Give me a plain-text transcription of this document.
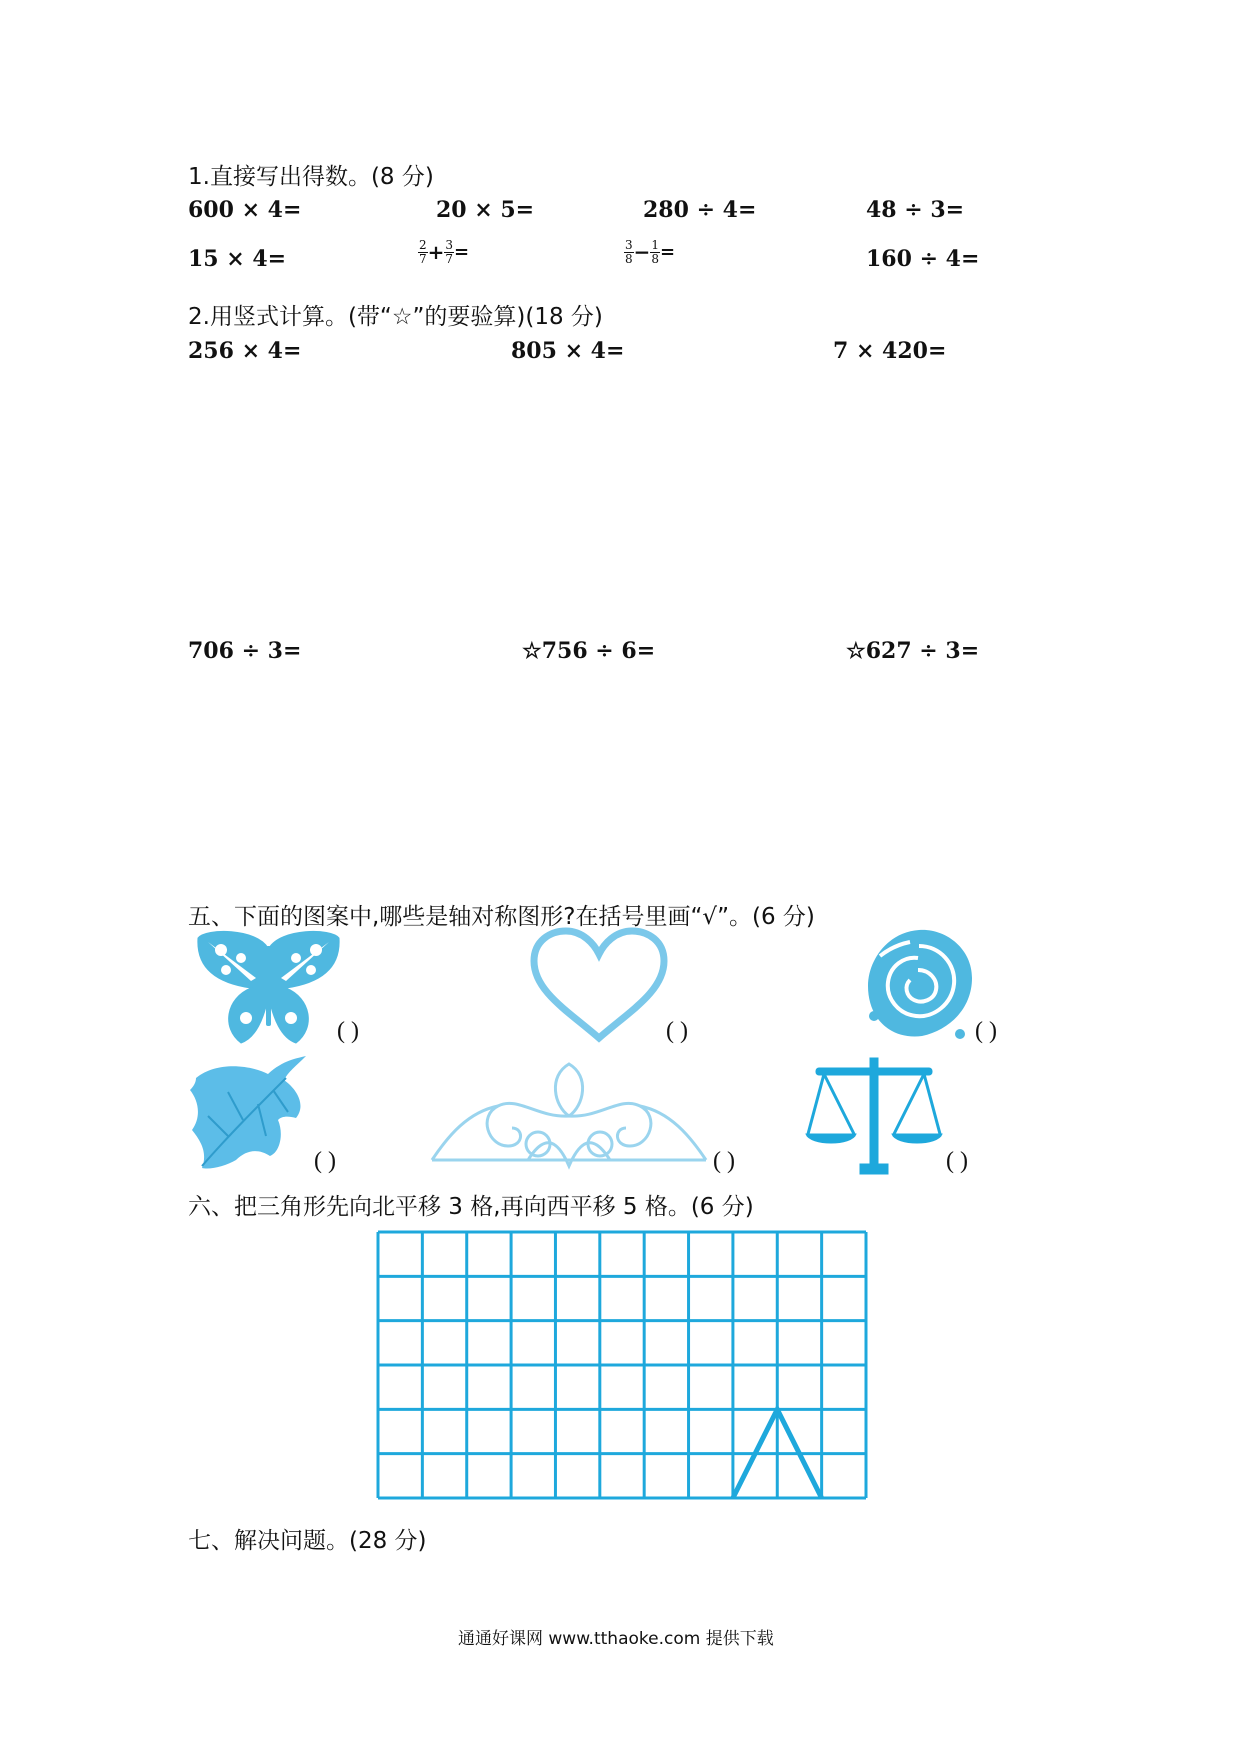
1.直接写出得数。(8 分)
600 × 4=	20 × 5=	280 ÷ 4=	48 ÷ 3=
15 × 4=	$\frac{2}{7} + \frac{3}{7}$ =	$\frac{3}{8} - \frac{1}{8}$ =	160 ÷ 4=
2.用竖式计算。(带“☆”的要验算)(18 分)
256 × 4=	805 × 4=	7 × 420=
706 ÷ 3=	☆756 ÷ 6=	☆627 ÷ 3=
五、下面的图案中,哪些是轴对称图形?在括号里画“√”。(6 分)
( )	( )	( )
( )	( )	( )
六、把三角形先向北平移 3 格,再向西平移 5 格。(6 分)
七、解决问题。(28 分)
通通好课网 www.tthaoke.com 提供下载
